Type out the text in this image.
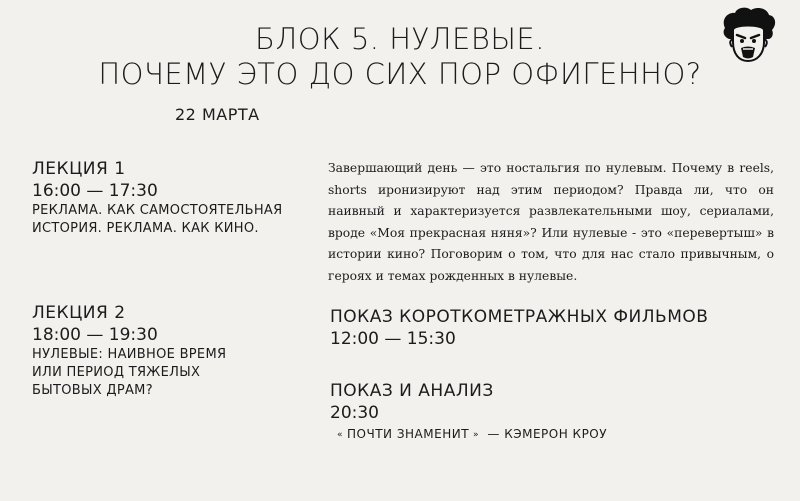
БЛОК 5. НУЛЕВЫЕ.
ПОЧЕМУ ЭТО ДО СИХ ПОР ОФИГЕННО?
22 МАРТА
ЛЕКЦИЯ 1
16:00 — 17:30
РЕКЛАМА. КАК САМОСТОЯТЕЛЬНАЯ
ИСТОРИЯ. РЕКЛАМА. КАК КИНО.
ЛЕКЦИЯ 2
18:00 — 19:30
НУЛЕВЫЕ: НАИВНОЕ ВРЕМЯ
ИЛИ ПЕРИОД ТЯЖЕЛЫХ
БЫТОВЫХ ДРАМ?
Завершающий день — это ностальгия по нулевым. Почему в reels, shorts иронизируют над этим периодом? Правда ли, что он наивный и характеризуется развлекательными шоу, сериалами, вроде «Моя прекрасная няня»? Или нулевые - это «перевертыш» в истории кино? Поговорим о том, что для нас стало привычным, о героях и темах рожденных в нулевые.
ПОКАЗ КОРОТКОМЕТРАЖНЫХ ФИЛЬМОВ
12:00 — 15:30
ПОКАЗ И АНАЛИЗ
20:30
« ПОЧТИ ЗНАМЕНИТ » — КЭМЕРОН КРОУ
